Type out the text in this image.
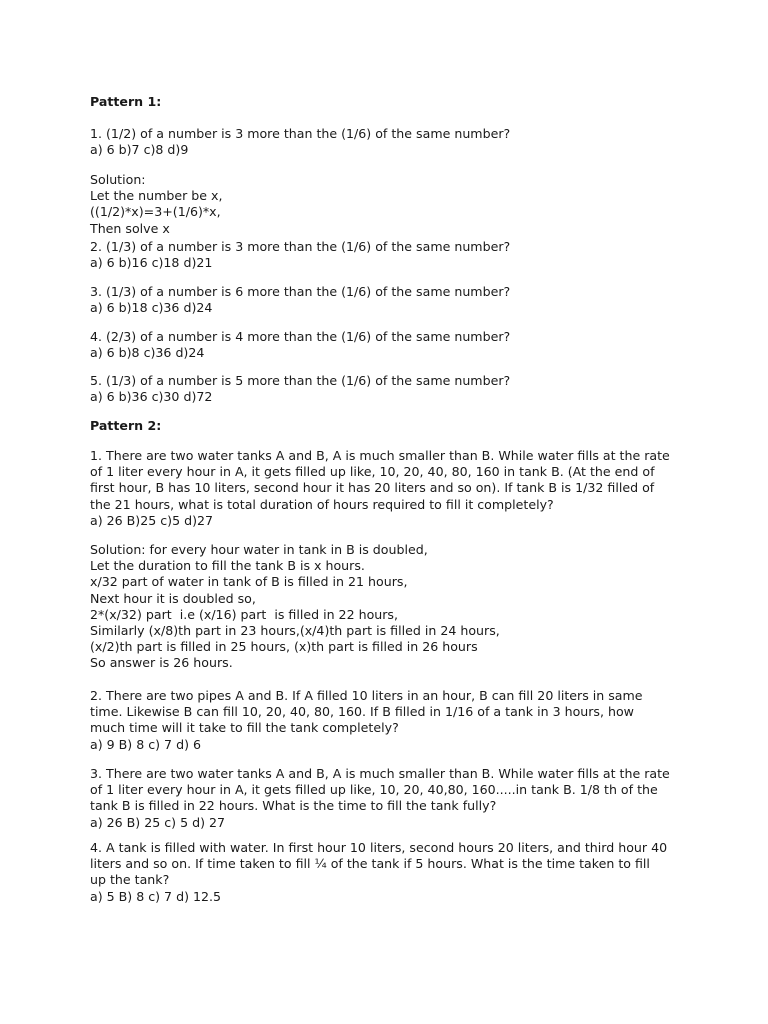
Pattern 1:
1. (1/2) of a number is 3 more than the (1/6) of the same number?
a) 6 b)7 c)8 d)9
Solution:
Let the number be x,
((1/2)*x)=3+(1/6)*x,
Then solve x
2. (1/3) of a number is 3 more than the (1/6) of the same number?
a) 6 b)16 c)18 d)21
3. (1/3) of a number is 6 more than the (1/6) of the same number?
a) 6 b)18 c)36 d)24
4. (2/3) of a number is 4 more than the (1/6) of the same number?
a) 6 b)8 c)36 d)24
5. (1/3) of a number is 5 more than the (1/6) of the same number?
a) 6 b)36 c)30 d)72
Pattern 2:
1. There are two water tanks A and B, A is much smaller than B. While water fills at the rate
of 1 liter every hour in A, it gets filled up like, 10, 20, 40, 80, 160 in tank B. (At the end of
first hour, B has 10 liters, second hour it has 20 liters and so on). If tank B is 1/32 filled of
the 21 hours, what is total duration of hours required to fill it completely?
a) 26 B)25 c)5 d)27
Solution: for every hour water in tank in B is doubled,
Let the duration to fill the tank B is x hours.
x/32 part of water in tank of B is filled in 21 hours,
Next hour it is doubled so,
2*(x/32) part  i.e (x/16) part  is filled in 22 hours,
Similarly (x/8)th part in 23 hours,(x/4)th part is filled in 24 hours,
(x/2)th part is filled in 25 hours, (x)th part is filled in 26 hours
So answer is 26 hours.
2. There are two pipes A and B. If A filled 10 liters in an hour, B can fill 20 liters in same
time. Likewise B can fill 10, 20, 40, 80, 160. If B filled in 1/16 of a tank in 3 hours, how
much time will it take to fill the tank completely?
a) 9 B) 8 c) 7 d) 6
3. There are two water tanks A and B, A is much smaller than B. While water fills at the rate
of 1 liter every hour in A, it gets filled up like, 10, 20, 40,80, 160.....in tank B. 1/8 th of the
tank B is filled in 22 hours. What is the time to fill the tank fully?
a) 26 B) 25 c) 5 d) 27
4. A tank is filled with water. In first hour 10 liters, second hours 20 liters, and third hour 40
liters and so on. If time taken to fill ¼ of the tank if 5 hours. What is the time taken to fill
up the tank?
a) 5 B) 8 c) 7 d) 12.5
